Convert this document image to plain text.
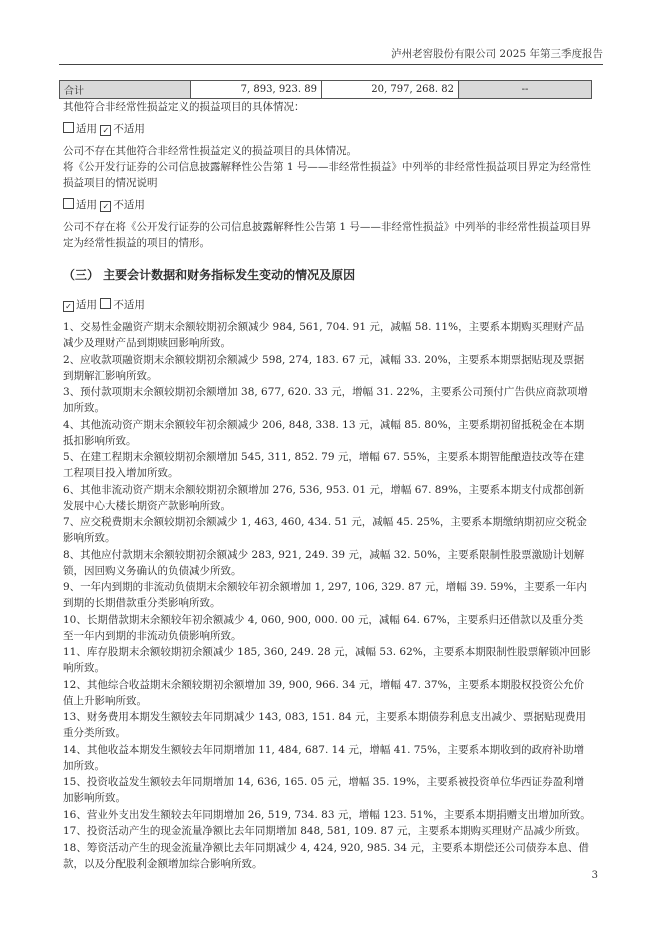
泸州老窖股份有限公司 2025 年第三季度报告
合计	7, 893, 923. 89	20, 797, 268. 82	--

其他符合非经常性损益定义的损益项目的具体情况：

适用 ✓ 不适用

公司不存在其他符合非经常性损益定义的损益项目的具体情况。

将《公开发行证券的公司信息披露解释性公告第 1 号——非经常性损益》中列举的非经常性损益项目界定为经常性损益项目的情况说明

适用 ✓ 不适用

公司不存在将《公开发行证券的公司信息披露解释性公告第 1 号——非经常性损益》中列举的非经常性损益项目界定为经常性损益的项目的情形。

（三） 主要会计数据和财务指标发生变动的情况及原因

✓ 适用 不适用

1、交易性金融资产期末余额较期初余额减少 984, 561, 704. 91 元，减幅 58. 11%，主要系本期购买理财产品减少及理财产品到期赎回影响所致。

2、应收款项融资期末余额较期初余额减少 598, 274, 183. 67 元，减幅 33. 20%，主要系本期票据贴现及票据到期解汇影响所致。

3、预付款项期末余额较期初余额增加 38, 677, 620. 33 元，增幅 31. 22%，主要系公司预付广告供应商款项增加所致。

4、其他流动资产期末余额较年初余额减少 206, 848, 338. 13 元，减幅 85. 80%，主要系期初留抵税金在本期抵扣影响所致。

5、在建工程期末余额较期初余额增加 545, 311, 852. 79 元，增幅 67. 55%，主要系本期智能酿造技改等在建工程项目投入增加所致。

6、其他非流动资产期末余额较期初余额增加 276, 536, 953. 01 元，增幅 67. 89%，主要系本期支付成都创新发展中心大楼长期资产款影响所致。

7、应交税费期末余额较期初余额减少 1, 463, 460, 434. 51 元，减幅 45. 25%，主要系本期缴纳期初应交税金影响所致。

8、其他应付款期末余额较期初余额减少 283, 921, 249. 39 元，减幅 32. 50%，主要系限制性股票激励计划解锁，因回购义务确认的负债减少所致。

9、一年内到期的非流动负债期末余额较年初余额增加 1, 297, 106, 329. 87 元，增幅 39. 59%，主要系一年内到期的长期借款重分类影响所致。

10、长期借款期末余额较年初余额减少 4, 060, 900, 000. 00 元，减幅 64. 67%，主要系归还借款以及重分类至一年内到期的非流动负债影响所致。

11、库存股期末余额较期初余额减少 185, 360, 249. 28 元，减幅 53. 62%，主要系本期限制性股票解锁冲回影响所致。

12、其他综合收益期末余额较期初余额增加 39, 900, 966. 34 元，增幅 47. 37%，主要系本期股权投资公允价值上升影响所致。

13、财务费用本期发生额较去年同期减少 143, 083, 151. 84 元，主要系本期债券利息支出减少、票据贴现费用重分类所致。

14、其他收益本期发生额较去年同期增加 11, 484, 687. 14 元，增幅 41. 75%，主要系本期收到的政府补助增加所致。

15、投资收益发生额较去年同期增加 14, 636, 165. 05 元，增幅 35. 19%，主要系被投资单位华西证券盈利增加影响所致。

16、营业外支出发生额较去年同期增加 26, 519, 734. 83 元，增幅 123. 51%，主要系本期捐赠支出增加所致。

17、投资活动产生的现金流量净额比去年同期增加 848, 581, 109. 87 元，主要系本期购买理财产品减少所致。

18、筹资活动产生的现金流量净额比去年同期减少 4, 424, 920, 985. 34 元，主要系本期偿还公司债券本息、借款，以及分配股利金额增加综合影响所致。

3
